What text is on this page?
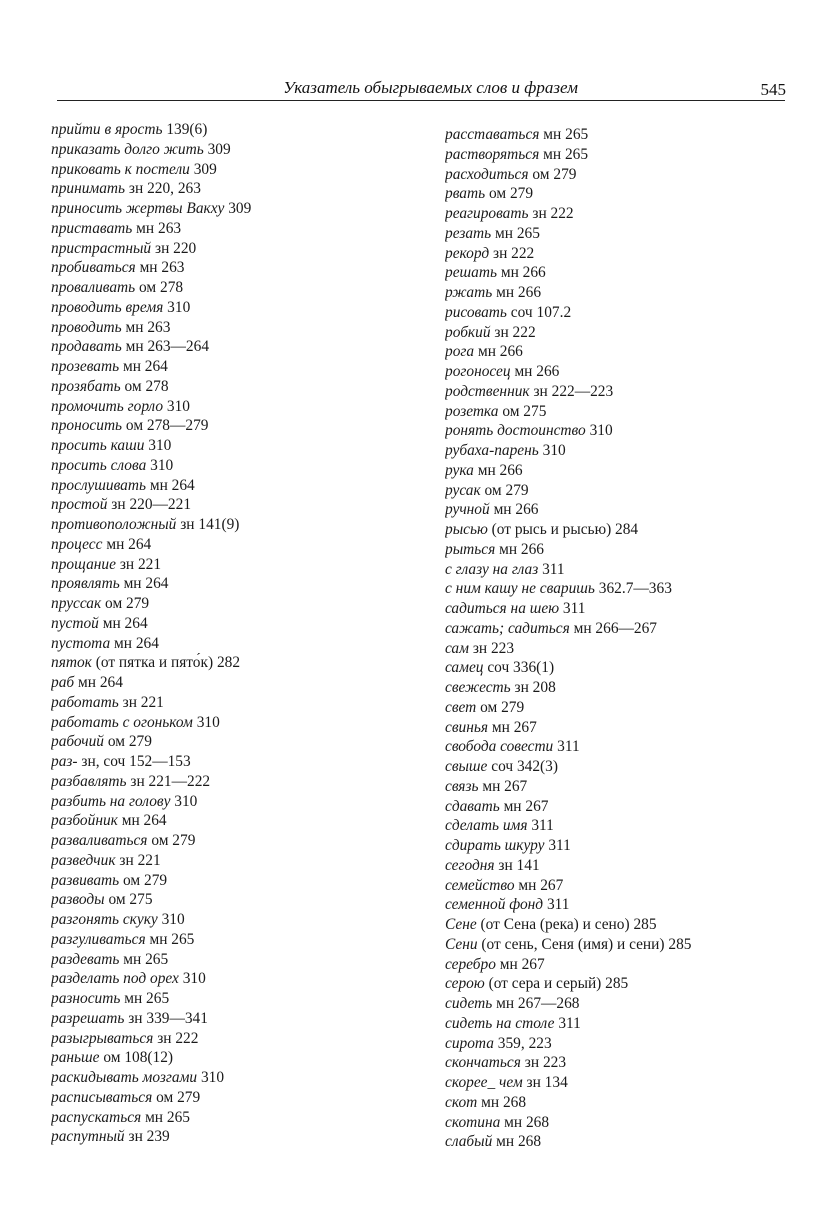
Указатель обыгрываемых слов и фразем	545
прийти в ярость 139(6)
приказать долго жить 309
приковать к постели 309
принимать зн 220, 263
приносить жертвы Вакху 309
приставать мн 263
пристрастный зн 220
пробиваться мн 263
проваливать ом 278
проводить время 310
проводить мн 263
продавать мн 263—264
прозевать мн 264
прозябать ом 278
промочить горло 310
проносить ом 278—279
просить каши 310
просить слова 310
прослушивать мн 264
простой зн 220—221
противоположный зн 141(9)
процесс мн 264
прощание зн 221
проявлять мн 264
пруссак ом 279
пустой мн 264
пустота мн 264
пяток (от пятка и пято́к) 282
раб мн 264
работать зн 221
работать с огоньком 310
рабочий ом 279
раз- зн, соч 152—153
разбавлять зн 221—222
разбить на голову 310
разбойник мн 264
разваливаться ом 279
разведчик зн 221
развивать ом 279
разводы ом 275
разгонять скуку 310
разгуливаться мн 265
раздевать мн 265
разделать под орех 310
разносить мн 265
разрешать зн 339—341
разыгрываться зн 222
раньше ом 108(12)
раскидывать мозгами 310
расписываться ом 279
распускаться мн 265
распутный зн 239
расставаться мн 265
растворяться мн 265
расходиться ом 279
рвать ом 279
реагировать зн 222
резать мн 265
рекорд зн 222
решать мн 266
ржать мн 266
рисовать соч 107.2
робкий зн 222
рога мн 266
рогоносец мн 266
родственник зн 222—223
розетка ом 275
ронять достоинство 310
рубаха-парень 310
рука мн 266
русак ом 279
ручной мн 266
рысью (от рысь и рысью) 284
рыться мн 266
с глазу на глаз 311
с ним кашу не сваришь 362.7—363
садиться на шею 311
сажать; садиться мн 266—267
сам зн 223
самец соч 336(1)
свежесть зн 208
свет ом 279
свинья мн 267
свобода совести 311
свыше соч 342(3)
связь мн 267
сдавать мн 267
сделать имя 311
сдирать шкуру 311
сегодня зн 141
семейство мн 267
семенной фонд 311
Сене (от Сена (река) и сено) 285
Сени (от сень, Сеня (имя) и сени) 285
серебро мн 267
серою (от сера и серый) 285
сидеть мн 267—268
сидеть на столе 311
сирота 359, 223
скончаться зн 223
скорее_ чем зн 134
скот мн 268
скотина мн 268
слабый мн 268
